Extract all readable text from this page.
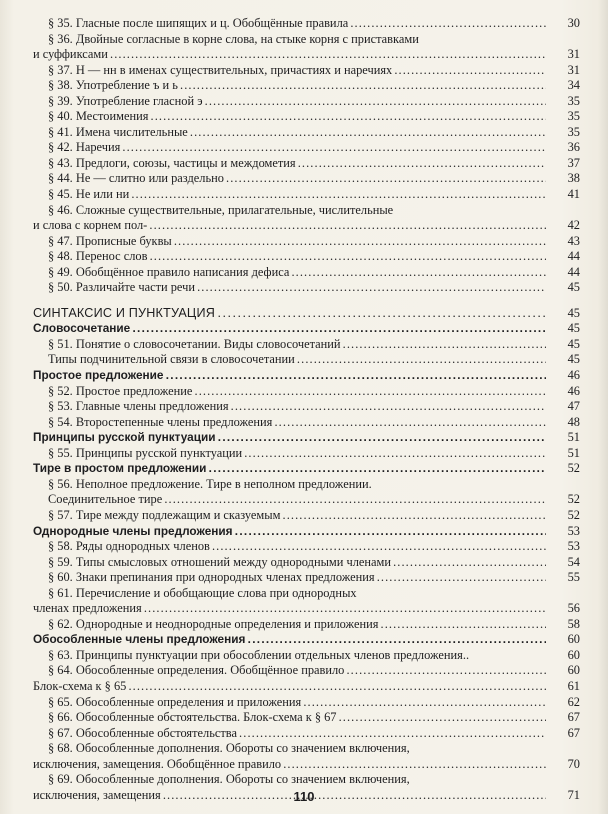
§ 35. Гласные после шипящих и ц. Обобщённые правила . . .	30
§ 36. Двойные согласные в корне слова, на стыке корня с приставками
и суффиксами . . .	31
§ 37. Н — нн в именах существительных, причастиях и наречиях . . .	31
§ 38. Употребление ъ и ь . . .	34
§ 39. Употребление гласной э . . .	35
§ 40. Местоимения . . .	35
§ 41. Имена числительные . . .	35
§ 42. Наречия . . .	36
§ 43. Предлоги, союзы, частицы и междометия . . .	37
§ 44. Не — слитно или раздельно . . .	38
§ 45. Не или ни . . .	41
§ 46. Сложные существительные, прилагательные, числительные
и слова с корнем пол- . . .	42
§ 47. Прописные буквы . . .	43
§ 48. Перенос слов . . .	44
§ 49. Обобщённое правило написания дефиса . . .	44
§ 50. Различайте части речи . . .	45
СИНТАКСИС И ПУНКТУАЦИЯ . . .	45
Словосочетание . . .	45
§ 51. Понятие о словосочетании. Виды словосочетаний . . .	45
Типы подчинительной связи в словосочетании . . .	45
Простое предложение . . .	46
§ 52. Простое предложение . . .	46
§ 53. Главные члены предложения . . .	47
§ 54. Второстепенные члены предложения . . .	48
Принципы русской пунктуации . . .	51
§ 55. Принципы русской пунктуации . . .	51
Тире в простом предложении . . .	52
§ 56. Неполное предложение. Тире в неполном предложении.
Соединительное тире . . .	52
§ 57. Тире между подлежащим и сказуемым . . .	52
Однородные члены предложения . . .	53
§ 58. Ряды однородных членов . . .	53
§ 59. Типы смысловых отношений между однородными членами . . .	54
§ 60. Знаки препинания при однородных членах предложения . . .	55
§ 61. Перечисление и обобщающие слова при однородных
членах предложения . . .	56
§ 62. Однородные и неоднородные определения и приложения . . .	58
Обособленные члены предложения . . .	60
§ 63. Принципы пунктуации при обособлении отдельных членов предложения..	60
§ 64. Обособленные определения. Обобщённое правило . . .	60
Блок-схема к § 65 . . .	61
§ 65. Обособленные определения и приложения . . .	62
§ 66. Обособленные обстоятельства. Блок-схема к § 67 . . .	67
§ 67. Обособленные обстоятельства . . .	67
§ 68. Обособленные дополнения. Обороты со значением включения,
исключения, замещения. Обобщённое правило . . .	70
§ 69. Обособленные дополнения. Обороты со значением включения,
исключения, замещения . . .	71
110
